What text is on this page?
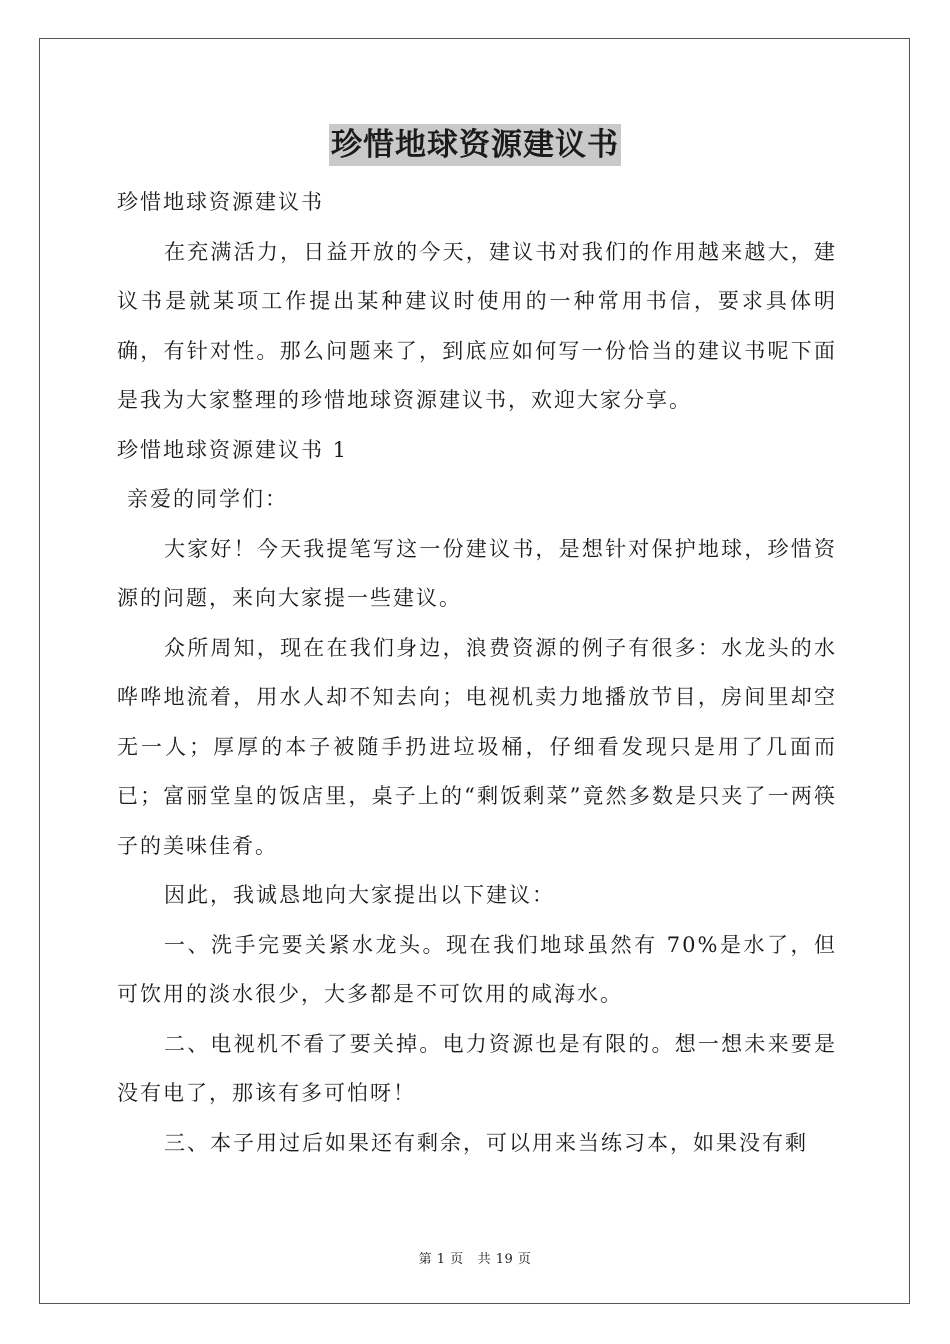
珍惜地球资源建议书

珍惜地球资源建议书

在充满活力，日益开放的今天，建议书对我们的作用越来越大，建议书是就某项工作提出某种建议时使用的一种常用书信，要求具体明确，有针对性。那么问题来了，到底应如何写一份恰当的建议书呢下面是我为大家整理的珍惜地球资源建议书，欢迎大家分享。

珍惜地球资源建议书 1

亲爱的同学们：

大家好！今天我提笔写这一份建议书，是想针对保护地球，珍惜资源的问题，来向大家提一些建议。

众所周知，现在在我们身边，浪费资源的例子有很多：水龙头的水哗哗地流着，用水人却不知去向；电视机卖力地播放节目，房间里却空无一人；厚厚的本子被随手扔进垃圾桶，仔细看发现只是用了几面而已；富丽堂皇的饭店里，桌子上的“剩饭剩菜”竟然多数是只夹了一两筷子的美味佳肴。

因此，我诚恳地向大家提出以下建议：

一、洗手完要关紧水龙头。现在我们地球虽然有 70%是水了，但可饮用的淡水很少，大多都是不可饮用的咸海水。

二、电视机不看了要关掉。电力资源也是有限的。想一想未来要是没有电了，那该有多可怕呀！

三、本子用过后如果还有剩余，可以用来当练习本，如果没有剩

第 1 页 共 19 页
